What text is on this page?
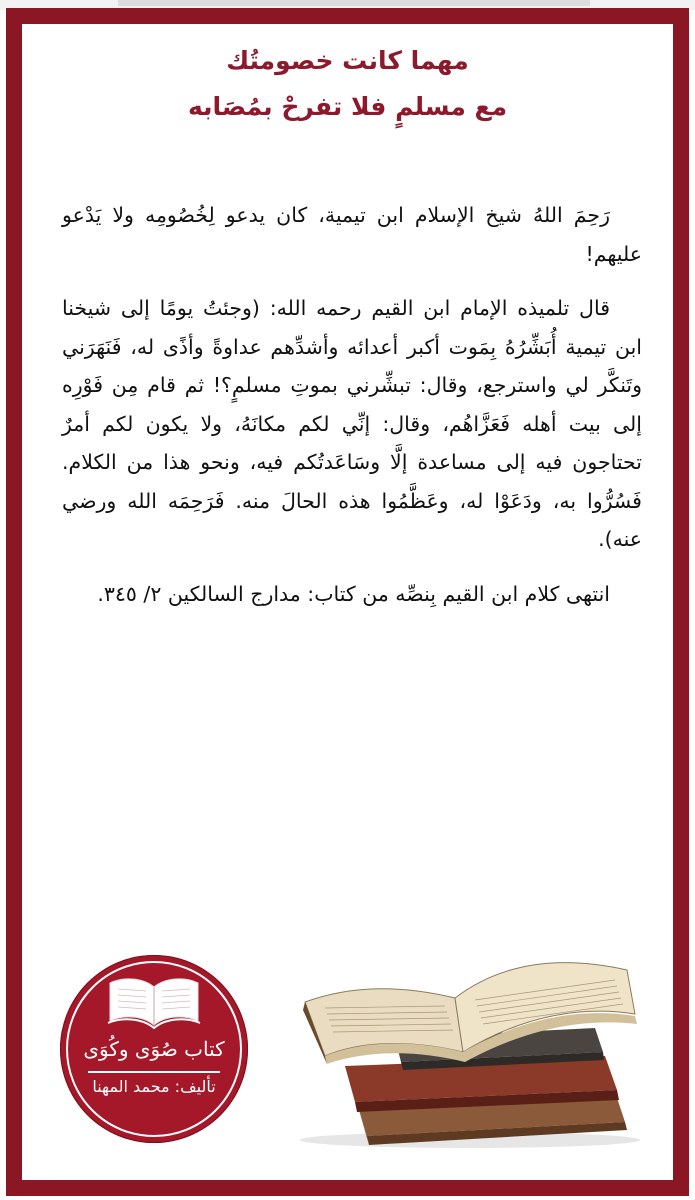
مهما كانت خصومتُك
مع مسلمٍ فلا تفرحْ بمُصَابه

رَحِمَ اللهُ شيخ الإسلام ابن تيمية، كان يدعو لِخُصُومِه ولا يَدْعو عليهم!

قال تلميذه الإمام ابن القيم رحمه الله: (وجئتُ يومًا إلى شيخنا ابن تيمية أُبَشِّرُهُ بِمَوت أكبر أعدائه وأشدِّهم عداوةً وأذًى له، فَنَهَرَني وتَنكَّر لي واسترجع، وقال: تبشِّرني بموتِ مسلمٍ؟! ثم قام مِن فَوْرِه إلى بيت أهله فَعَزَّاهُم، وقال: إنِّي لكم مكانَهُ، ولا يكون لكم أمرٌ تحتاجون فيه إلى مساعدة إلَّا وسَاعَدتُكم فيه، ونحو هذا من الكلام. فَسُرُّوا به، ودَعَوْا له، وعَظَّمُوا هذه الحالَ منه. فَرَحِمَه الله ورضي عنه).

انتهى كلام ابن القيم بِنصِّه من كتاب: مدارج السالكين ٢/ ٣٤٥.

كتاب صُوَى وكُوَى
تأليف: محمد المهنا
